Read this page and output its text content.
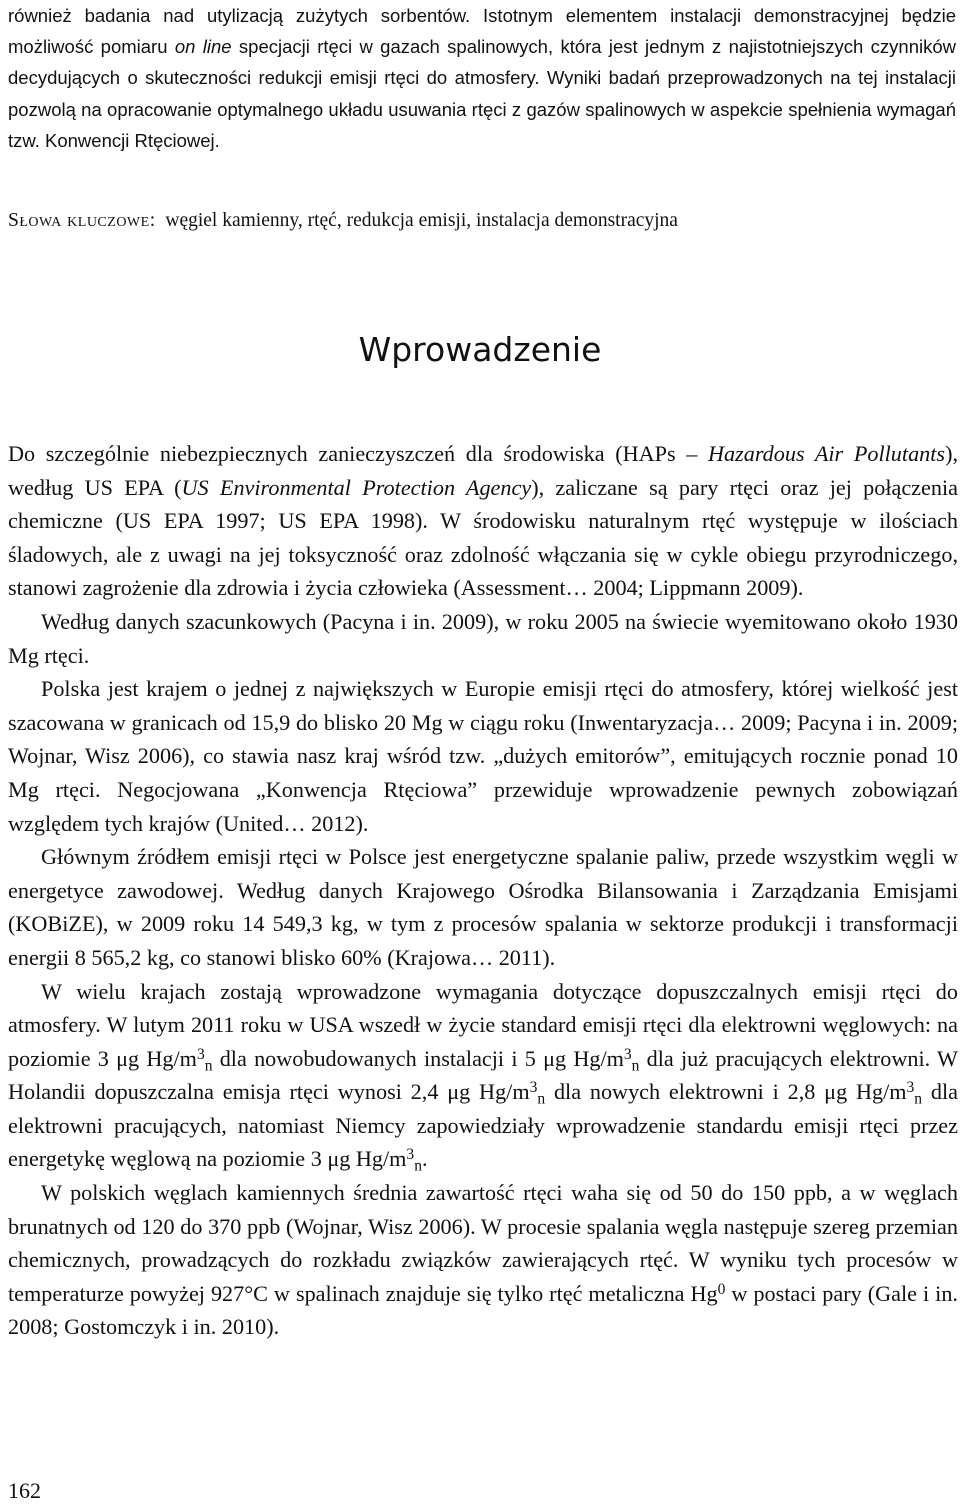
również badania nad utylizacją zużytych sorbentów. Istotnym elementem instalacji demonstracyjnej będzie możliwość pomiaru on line specjacji rtęci w gazach spalinowych, która jest jednym z najistotniejszych czynników decydujących o skuteczności redukcji emisji rtęci do atmosfery. Wyniki badań przeprowadzonych na tej instalacji pozwolą na opracowanie optymalnego układu usuwania rtęci z gazów spalinowych w aspekcie spełnienia wymagań tzw. Konwencji Rtęciowej.

Słowa kluczowe: węgiel kamienny, rtęć, redukcja emisji, instalacja demonstracyjna

Wprowadzenie

Do szczególnie niebezpiecznych zanieczyszczeń dla środowiska (HAPs – Hazardous Air Pollutants), według US EPA (US Environmental Protection Agency), zaliczane są pary rtęci oraz jej połączenia chemiczne (US EPA 1997; US EPA 1998). W środowisku naturalnym rtęć występuje w ilościach śladowych, ale z uwagi na jej toksyczność oraz zdolność włączania się w cykle obiegu przyrodniczego, stanowi zagrożenie dla zdrowia i życia człowieka (Assessment… 2004; Lippmann 2009).

Według danych szacunkowych (Pacyna i in. 2009), w roku 2005 na świecie wyemitowano około 1930 Mg rtęci.

Polska jest krajem o jednej z największych w Europie emisji rtęci do atmosfery, której wielkość jest szacowana w granicach od 15,9 do blisko 20 Mg w ciągu roku (Inwentaryzacja… 2009; Pacyna i in. 2009; Wojnar, Wisz 2006), co stawia nasz kraj wśród tzw. „dużych emitorów”, emitujących rocznie ponad 10 Mg rtęci. Negocjowana „Konwencja Rtęciowa” przewiduje wprowadzenie pewnych zobowiązań względem tych krajów (United… 2012).

Głównym źródłem emisji rtęci w Polsce jest energetyczne spalanie paliw, przede wszystkim węgli w energetyce zawodowej. Według danych Krajowego Ośrodka Bilansowania i Zarządzania Emisjami (KOBiZE), w 2009 roku 14 549,3 kg, w tym z procesów spalania w sektorze produkcji i transformacji energii 8 565,2 kg, co stanowi blisko 60% (Krajowa… 2011).

W wielu krajach zostają wprowadzone wymagania dotyczące dopuszczalnych emisji rtęci do atmosfery. W lutym 2011 roku w USA wszedł w życie standard emisji rtęci dla elektrowni węglowych: na poziomie 3 μg $Hg/m^3_n$ dla nowobudowanych instalacji i 5 μg $Hg/m^3_n$ dla już pracujących elektrowni. W Holandii dopuszczalna emisja rtęci wynosi 2,4 μg $Hg/m^3_n$ dla nowych elektrowni i 2,8 μg $Hg/m^3_n$ dla elektrowni pracujących, natomiast Niemcy zapowiedziały wprowadzenie standardu emisji rtęci przez energetykę węglową na poziomie 3 μg $Hg/m^3_n$.

W polskich węglach kamiennych średnia zawartość rtęci waha się od 50 do 150 ppb, a w węglach brunatnych od 120 do 370 ppb (Wojnar, Wisz 2006). W procesie spalania węgla następuje szereg przemian chemicznych, prowadzących do rozkładu związków zawierających rtęć. W wyniku tych procesów w temperaturze powyżej 927°C w spalinach znajduje się tylko rtęć metaliczna Hg$^0$ w postaci pary (Gale i in. 2008; Gostomczyk i in. 2010).

162
